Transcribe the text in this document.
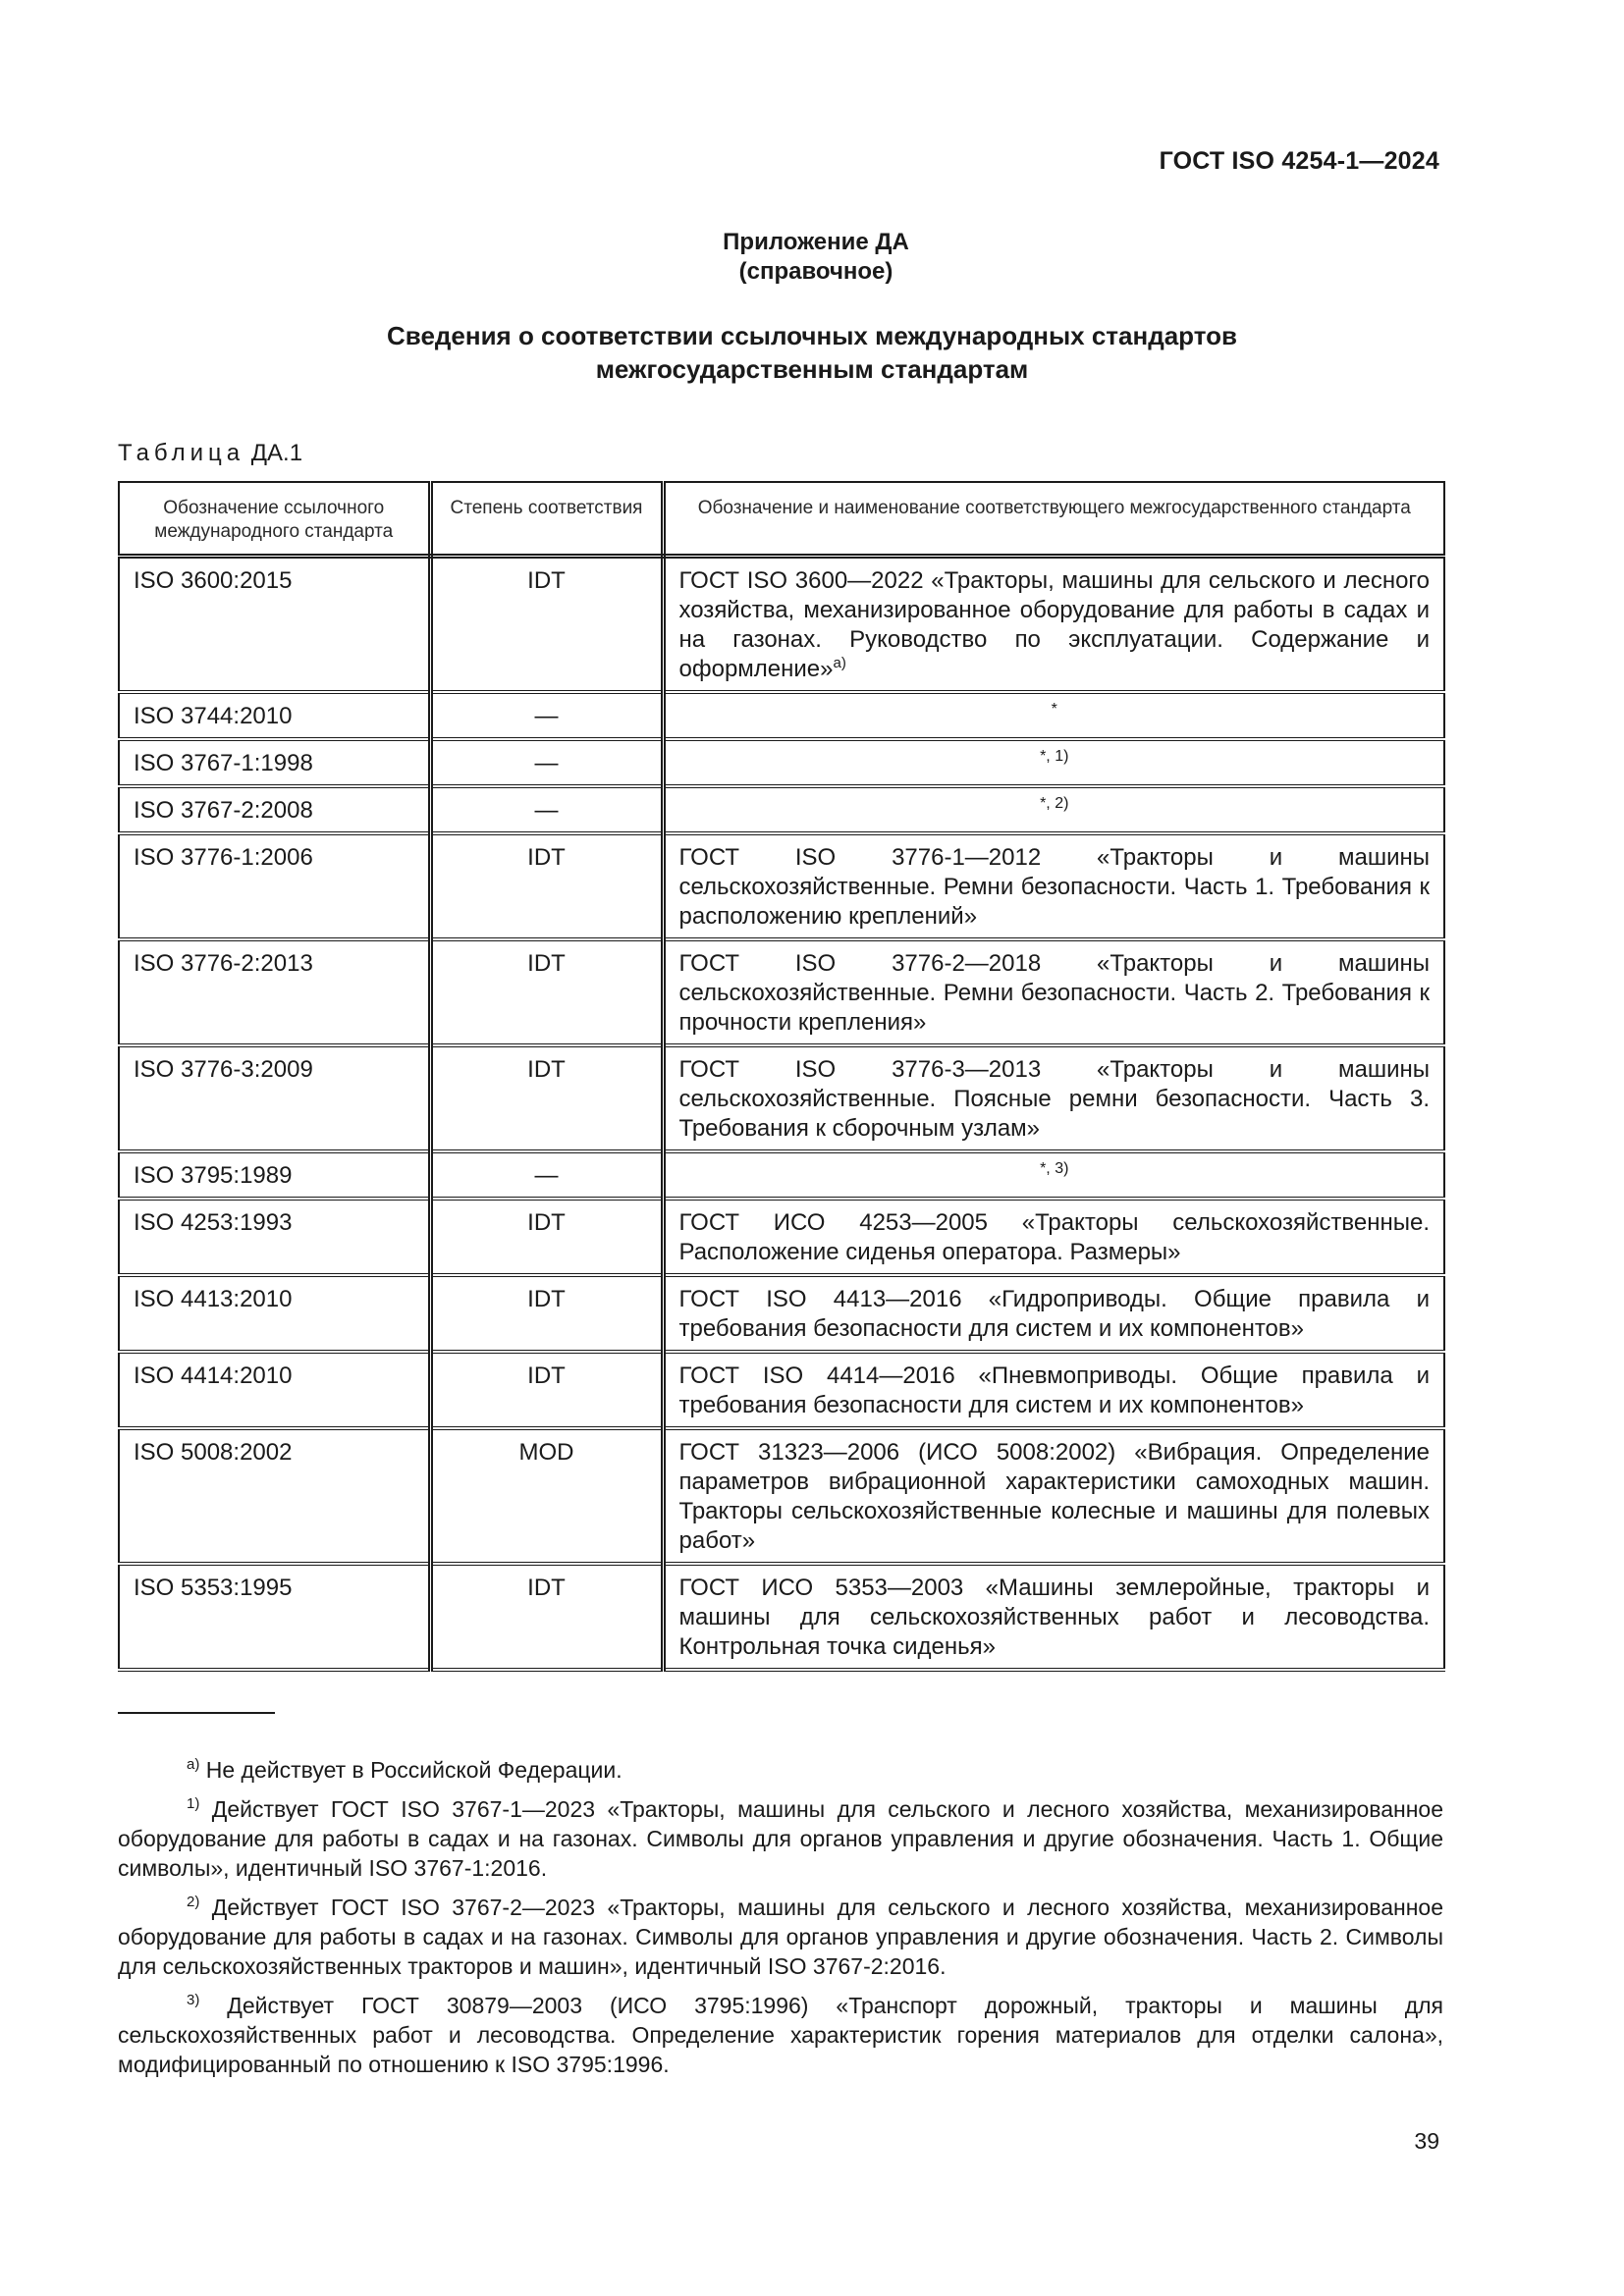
ГОСТ ISO 4254-1—2024
Приложение ДА
(справочное)
Сведения о соответствии ссылочных международных стандартов
межгосударственным стандартам
Таблица ДА.1
Обозначение ссылочного международного стандарта	Степень соответствия	Обозначение и наименование соответствующего межгосударственного стандарта
ISO 3600:2015	IDT	ГОСТ ISO 3600—2022 «Тракторы, машины для сельского и лесного хозяйства, механизированное оборудование для работы в садах и на газонах. Руководство по эксплуатации. Содержание и оформление»$^{а)}$
ISO 3744:2010	—	*
ISO 3767-1:1998	—	*, 1)
ISO 3767-2:2008	—	*, 2)
ISO 3776-1:2006	IDT	ГОСТ ISO 3776-1—2012 «Тракторы и машины сельскохозяйственные. Ремни безопасности. Часть 1. Требования к расположению креплений»
ISO 3776-2:2013	IDT	ГОСТ ISO 3776-2—2018 «Тракторы и машины сельскохозяйственные. Ремни безопасности. Часть 2. Требования к прочности крепления»
ISO 3776-3:2009	IDT	ГОСТ ISO 3776-3—2013 «Тракторы и машины сельскохозяйственные. Поясные ремни безопасности. Часть 3. Требования к сборочным узлам»
ISO 3795:1989	—	*, 3)
ISO 4253:1993	IDT	ГОСТ ИСО 4253—2005 «Тракторы сельскохозяйственные. Расположение сиденья оператора. Размеры»
ISO 4413:2010	IDT	ГОСТ ISO 4413—2016 «Гидроприводы. Общие правила и требования безопасности для систем и их компонентов»
ISO 4414:2010	IDT	ГОСТ ISO 4414—2016 «Пневмоприводы. Общие правила и требования безопасности для систем и их компонентов»
ISO 5008:2002	MOD	ГОСТ 31323—2006 (ИСО 5008:2002) «Вибрация. Определение параметров вибрационной характеристики самоходных машин. Тракторы сельскохозяйственные колесные и машины для полевых работ»
ISO 5353:1995	IDT	ГОСТ ИСО 5353—2003 «Машины землеройные, тракторы и машины для сельскохозяйственных работ и лесоводства. Контрольная точка сиденья»

$^{а)}$ Не действует в Российской Федерации.

$^{1)}$ Действует ГОСТ ISO 3767-1—2023 «Тракторы, машины для сельского и лесного хозяйства, механизированное оборудование для работы в садах и на газонах. Символы для органов управления и другие обозначения. Часть 1. Общие символы», идентичный ISO 3767-1:2016.

$^{2)}$ Действует ГОСТ ISO 3767-2—2023 «Тракторы, машины для сельского и лесного хозяйства, механизированное оборудование для работы в садах и на газонах. Символы для органов управления и другие обозначения. Часть 2. Символы для сельскохозяйственных тракторов и машин», идентичный ISO 3767-2:2016.

$^{3)}$ Действует ГОСТ 30879—2003 (ИСО 3795:1996) «Транспорт дорожный, тракторы и машины для сельскохозяйственных работ и лесоводства. Определение характеристик горения материалов для отделки салона», модифицированный по отношению к ISO 3795:1996.

39
